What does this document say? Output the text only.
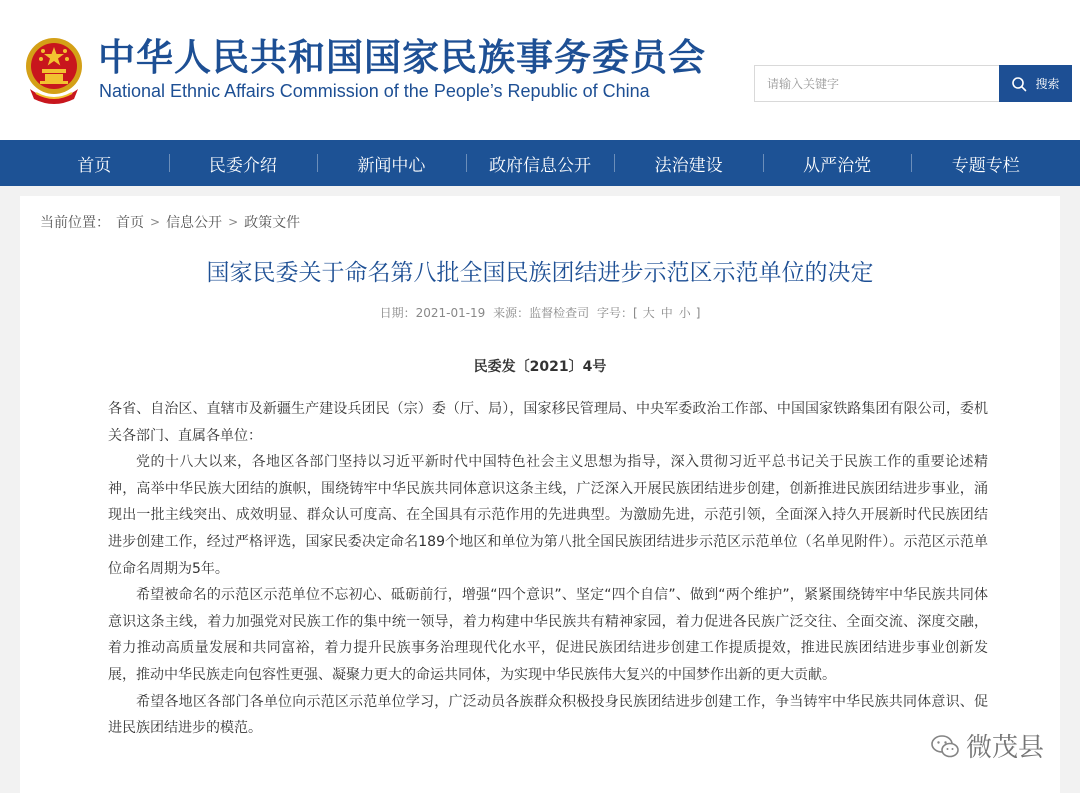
中华人民共和国国家民族事务委员会
National Ethnic Affairs Commission of the People’s Republic of China
请输入关键字	搜索
首页	民委介绍	新闻中心	政府信息公开	法治建设	从严治党	专题专栏
当前位置： 首页 > 信息公开 > 政策文件
国家民委关于命名第八批全国民族团结进步示范区示范单位的决定
日期：2021-01-19 来源：监督检查司 字号：[ 大 中 小 ]
民委发〔2021〕4号

各省、自治区、直辖市及新疆生产建设兵团民（宗）委（厅、局），国家移民管理局、中央军委政治工作部、中国国家铁路集团有限公司，委机关各部门、直属各单位：

党的十八大以来，各地区各部门坚持以习近平新时代中国特色社会主义思想为指导，深入贯彻习近平总书记关于民族工作的重要论述精神，高举中华民族大团结的旗帜，围绕铸牢中华民族共同体意识这条主线，广泛深入开展民族团结进步创建，创新推进民族团结进步事业，涌现出一批主线突出、成效明显、群众认可度高、在全国具有示范作用的先进典型。为激励先进，示范引领，全面深入持久开展新时代民族团结进步创建工作，经过严格评选，国家民委决定命名189个地区和单位为第八批全国民族团结进步示范区示范单位（名单见附件）。示范区示范单位命名周期为5年。

希望被命名的示范区示范单位不忘初心、砥砺前行，增强“四个意识”、坚定“四个自信”、做到“两个维护”，紧紧围绕铸牢中华民族共同体意识这条主线，着力加强党对民族工作的集中统一领导，着力构建中华民族共有精神家园，着力促进各民族广泛交往、全面交流、深度交融，着力推动高质量发展和共同富裕，着力提升民族事务治理现代化水平，促进民族团结进步创建工作提质提效，推进民族团结进步事业创新发展，推动中华民族走向包容性更强、凝聚力更大的命运共同体，为实现中华民族伟大复兴的中国梦作出新的更大贡献。

希望各地区各部门各单位向示范区示范单位学习，广泛动员各族群众积极投身民族团结进步创建工作，争当铸牢中华民族共同体意识、促进民族团结进步的模范。

微茂县
